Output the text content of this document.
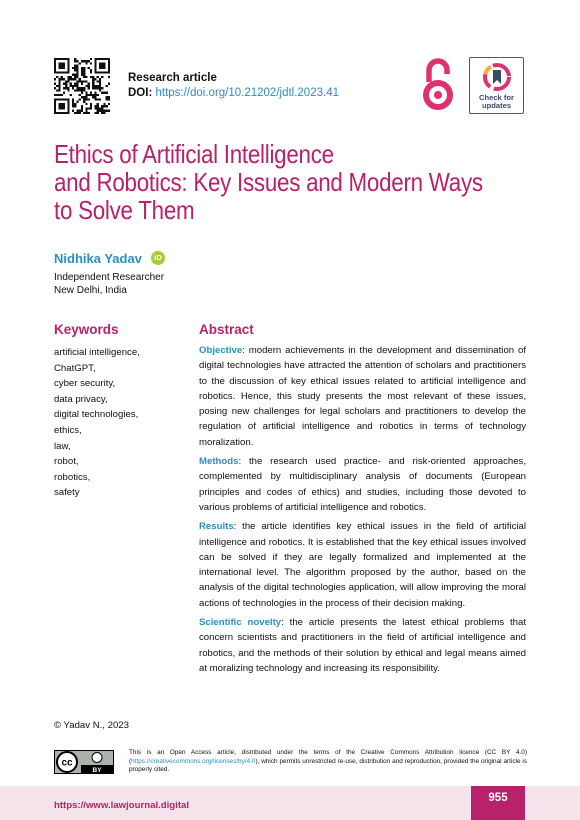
Research article
DOI: https://doi.org/10.21202/jdtl.2023.41	Check for
updates
Ethics of Artificial Intelligence
and Robotics: Key Issues and Modern Ways
to Solve Them
Nidhika Yadav	iD
Independent Researcher
New Delhi, India
Keywords
artificial intelligence,
ChatGPT,
cyber security,
data privacy,
digital technologies,
ethics,
law,
robot,
robotics,
safety
Abstract

Objective: modern achievements in the development and dissemination of digital technologies have attracted the attention of scholars and practitioners to the discussion of key ethical issues related to artificial intelligence and robotics. Hence, this study presents the most relevant of these issues, posing new challenges for legal scholars and practitioners to develop the regulation of artificial intelligence and robotics in terms of technology moralization.

Methods: the research used practice- and risk-oriented approaches, complemented by multidisciplinary analysis of documents (European principles and codes of ethics) and studies, including those devoted to various problems of artificial intelligence and robotics.

Results: the article identifies key ethical issues in the field of artificial intelligence and robotics. It is established that the key ethical issues involved can be solved if they are legally formalized and implemented at the international level. The algorithm proposed by the author, based on the analysis of the digital technologies application, will allow improving the moral actions of technologies in the process of their decision making.

Scientific novelty: the article presents the latest ethical problems that concern scientists and practitioners in the field of artificial intelligence and robotics, and the methods of their solution by ethical and legal means aimed at moralizing technology and increasing its responsibility.

© Yadav N., 2023
cc
BY
This is an Open Access article, distributed under the terms of the Creative Commons Attribution licence (CC BY 4.0) (https://creativecommons.org/licenses/by/4.0), which permits unrestricted re-use, distribution and reproduction, provided the original article is properly cited.
https://www.lawjournal.digital
955
